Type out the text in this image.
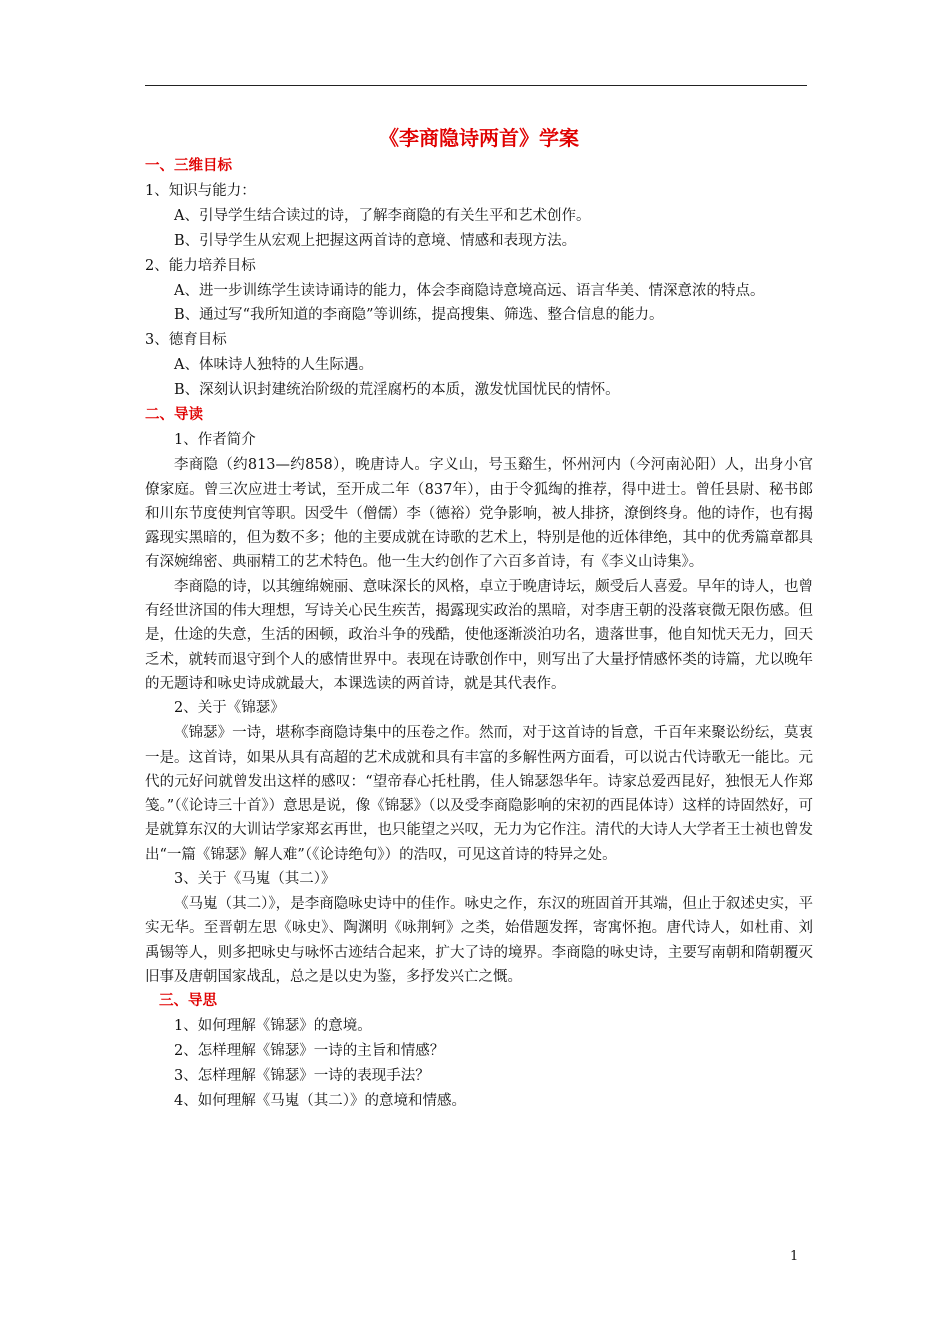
《李商隐诗两首》学案
一、三维目标
1、知识与能力：
A、引导学生结合读过的诗，了解李商隐的有关生平和艺术创作。
B、引导学生从宏观上把握这两首诗的意境、情感和表现方法。
2、能力培养目标

A、进一步训练学生读诗诵诗的能力，体会李商隐诗意境高远、语言华美、情深意浓的特点。

B、通过写“我所知道的李商隐”等训练，提高搜集、筛选、整合信息的能力。
3、德育目标
A、体味诗人独特的人生际遇。
B、深刻认识封建统治阶级的荒淫腐朽的本质，激发忧国忧民的情怀。
二、导读
1、作者简介

李商隐（约813—约858），晚唐诗人。字义山，号玉谿生，怀州河内（今河南沁阳）人，出身小官僚家庭。曾三次应进士考试，至开成二年（837年），由于令狐绹的推荐，得中进士。曾任县尉、秘书郎和川东节度使判官等职。因受牛（僧儒）李（德裕）党争影响，被人排挤，潦倒终身。他的诗作，也有揭露现实黑暗的，但为数不多；他的主要成就在诗歌的艺术上，特别是他的近体律绝，其中的优秀篇章都具有深婉绵密、典丽精工的艺术特色。他一生大约创作了六百多首诗，有《李义山诗集》。

李商隐的诗，以其缠绵婉丽、意味深长的风格，卓立于晚唐诗坛，颇受后人喜爱。早年的诗人，也曾有经世济国的伟大理想，写诗关心民生疾苦，揭露现实政治的黑暗，对李唐王朝的没落衰微无限伤感。但是，仕途的失意，生活的困顿，政治斗争的残酷，使他逐渐淡泊功名，遗落世事，他自知忧天无力，回天乏术，就转而退守到个人的感情世界中。表现在诗歌创作中，则写出了大量抒情感怀类的诗篇，尤以晚年的无题诗和咏史诗成就最大，本课选读的两首诗，就是其代表作。

2、关于《锦瑟》

《锦瑟》一诗，堪称李商隐诗集中的压卷之作。然而，对于这首诗的旨意，千百年来聚讼纷纭，莫衷一是。这首诗，如果从具有高超的艺术成就和具有丰富的多解性两方面看，可以说古代诗歌无一能比。元代的元好问就曾发出这样的感叹：“望帝春心托杜鹃，佳人锦瑟怨华年。诗家总爱西昆好，独恨无人作郑笺。”（《论诗三十首》）意思是说，像《锦瑟》（以及受李商隐影响的宋初的西昆体诗）这样的诗固然好，可是就算东汉的大训诂学家郑玄再世，也只能望之兴叹，无力为它作注。清代的大诗人大学者王士祯也曾发出“一篇《锦瑟》解人难”（《论诗绝句》）的浩叹，可见这首诗的特异之处。

3、关于《马嵬（其二）》

《马嵬（其二）》，是李商隐咏史诗中的佳作。咏史之作，东汉的班固首开其端，但止于叙述史实，平实无华。至晋朝左思《咏史》、陶渊明《咏荆轲》之类，始借题发挥，寄寓怀抱。唐代诗人，如杜甫、刘禹锡等人，则多把咏史与咏怀古迹结合起来，扩大了诗的境界。李商隐的咏史诗，主要写南朝和隋朝覆灭旧事及唐朝国家战乱，总之是以史为鉴，多抒发兴亡之慨。

三、导思
1、如何理解《锦瑟》的意境。
2、怎样理解《锦瑟》一诗的主旨和情感？
3、怎样理解《锦瑟》一诗的表现手法？
4、如何理解《马嵬（其二）》的意境和情感。
1
